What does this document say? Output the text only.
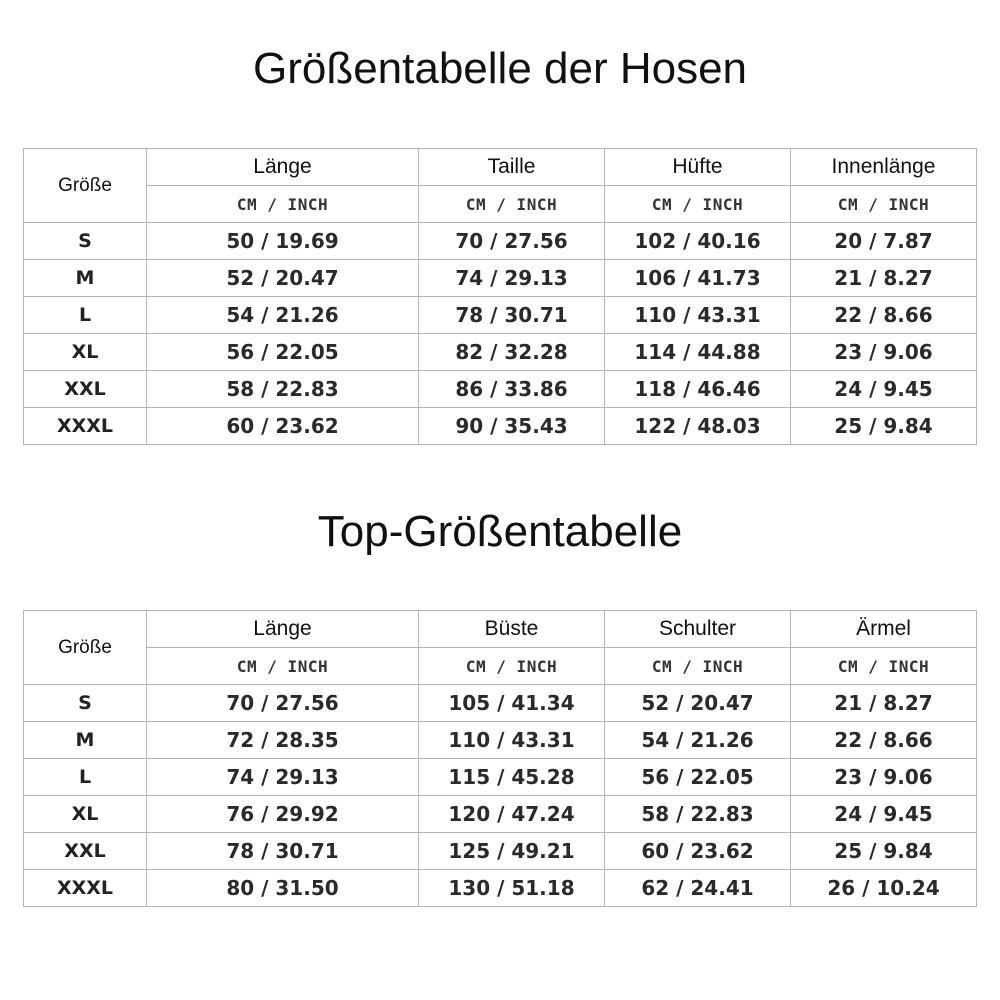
Größentabelle der Hosen
Größe	Länge	Taille	Hüfte	Innenlänge
	CM / INCH	CM / INCH	CM / INCH	CM / INCH
S	50 / 19.69	70 / 27.56	102 / 40.16	20 / 7.87
M	52 / 20.47	74 / 29.13	106 / 41.73	21 / 8.27
L	54 / 21.26	78 / 30.71	110 / 43.31	22 / 8.66
XL	56 / 22.05	82 / 32.28	114 / 44.88	23 / 9.06
XXL	58 / 22.83	86 / 33.86	118 / 46.46	24 / 9.45
XXXL	60 / 23.62	90 / 35.43	122 / 48.03	25 / 9.84
Top-Größentabelle
Größe	Länge	Büste	Schulter	Ärmel
	CM / INCH	CM / INCH	CM / INCH	CM / INCH
S	70 / 27.56	105 / 41.34	52 / 20.47	21 / 8.27
M	72 / 28.35	110 / 43.31	54 / 21.26	22 / 8.66
L	74 / 29.13	115 / 45.28	56 / 22.05	23 / 9.06
XL	76 / 29.92	120 / 47.24	58 / 22.83	24 / 9.45
XXL	78 / 30.71	125 / 49.21	60 / 23.62	25 / 9.84
XXXL	80 / 31.50	130 / 51.18	62 / 24.41	26 / 10.24
